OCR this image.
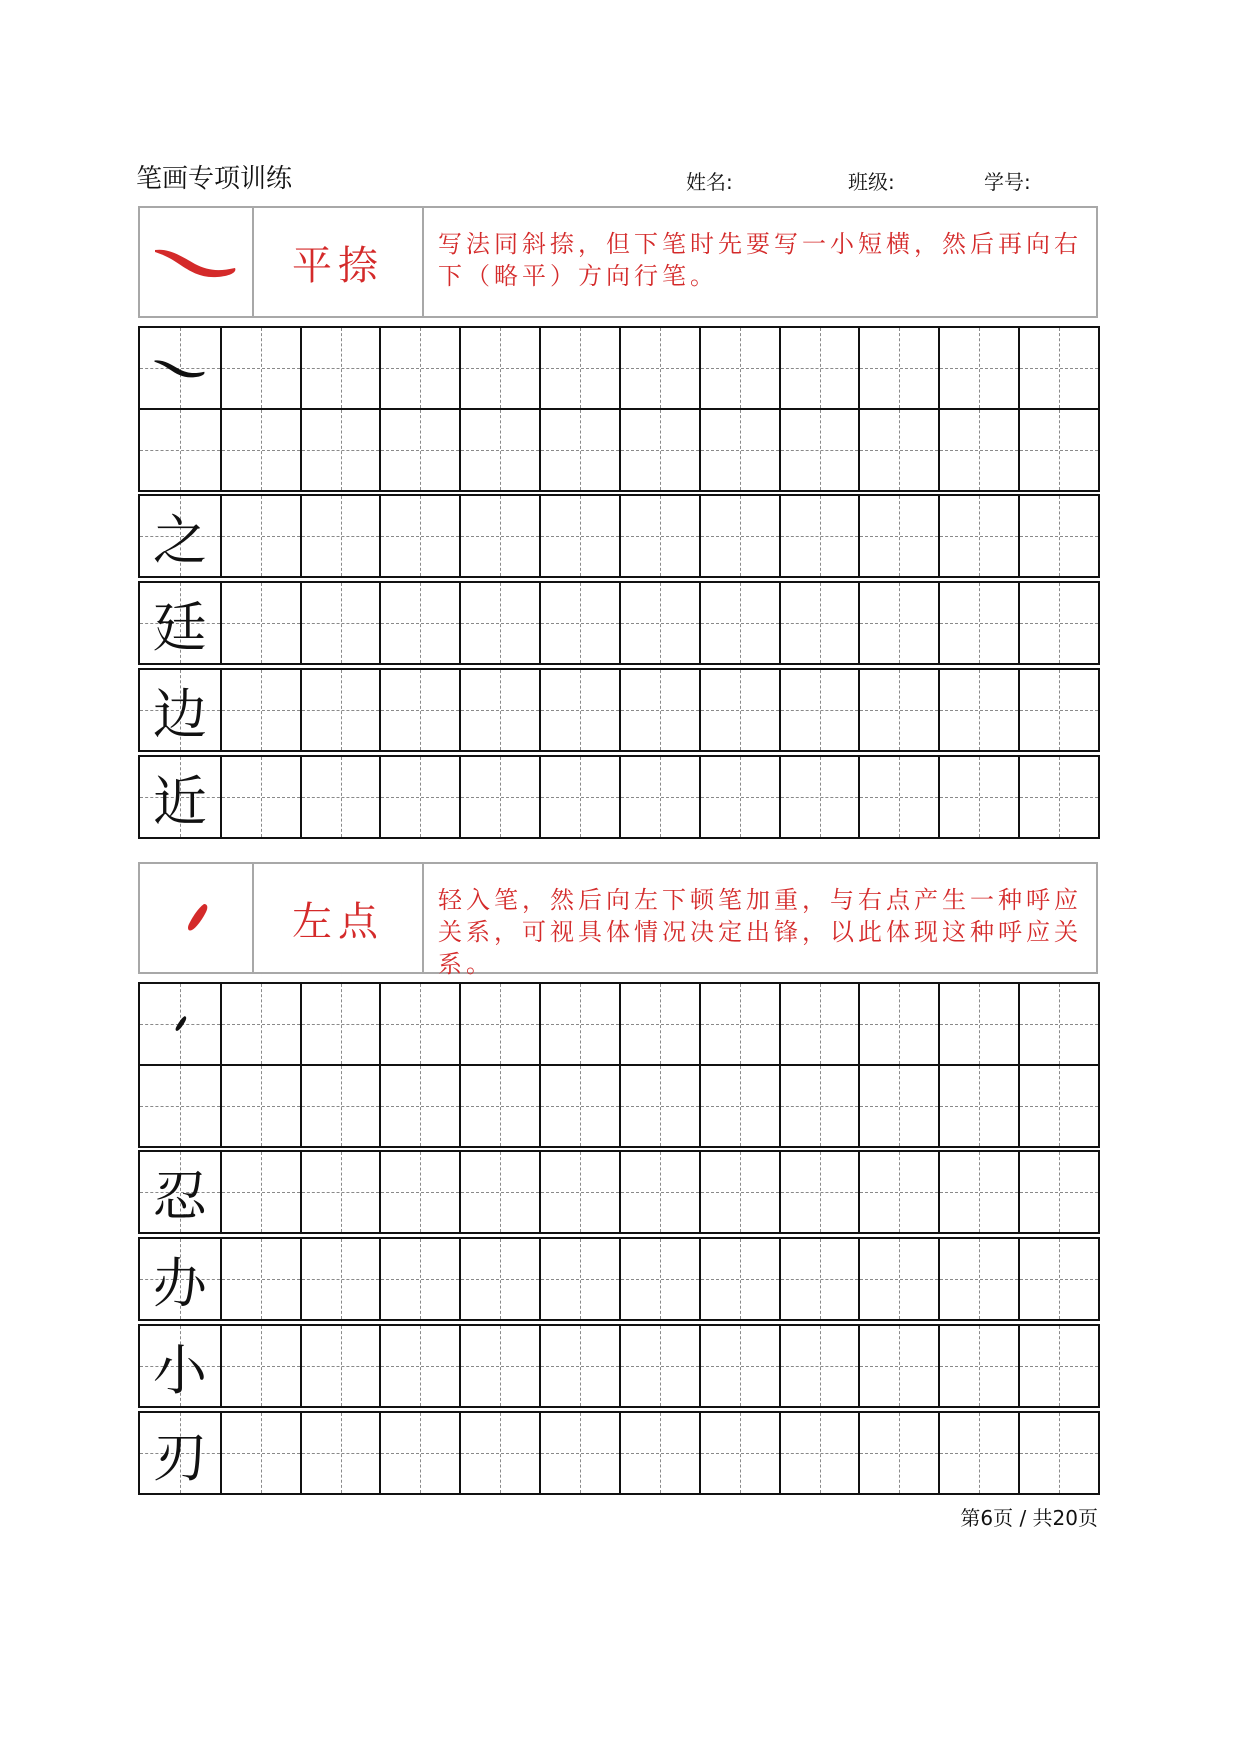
笔画专项训练	姓名:	班级:	学号:
平捺	写法同斜捺，但下笔时先要写一小短横，然后再向右下（略平）方向行笔。
之
廷
边
近
左点	轻入笔，然后向左下顿笔加重，与右点产生一种呼应关系，可视具体情况决定出锋，以此体现这种呼应关系。
忍
办
小
刃
第6页 / 共20页
